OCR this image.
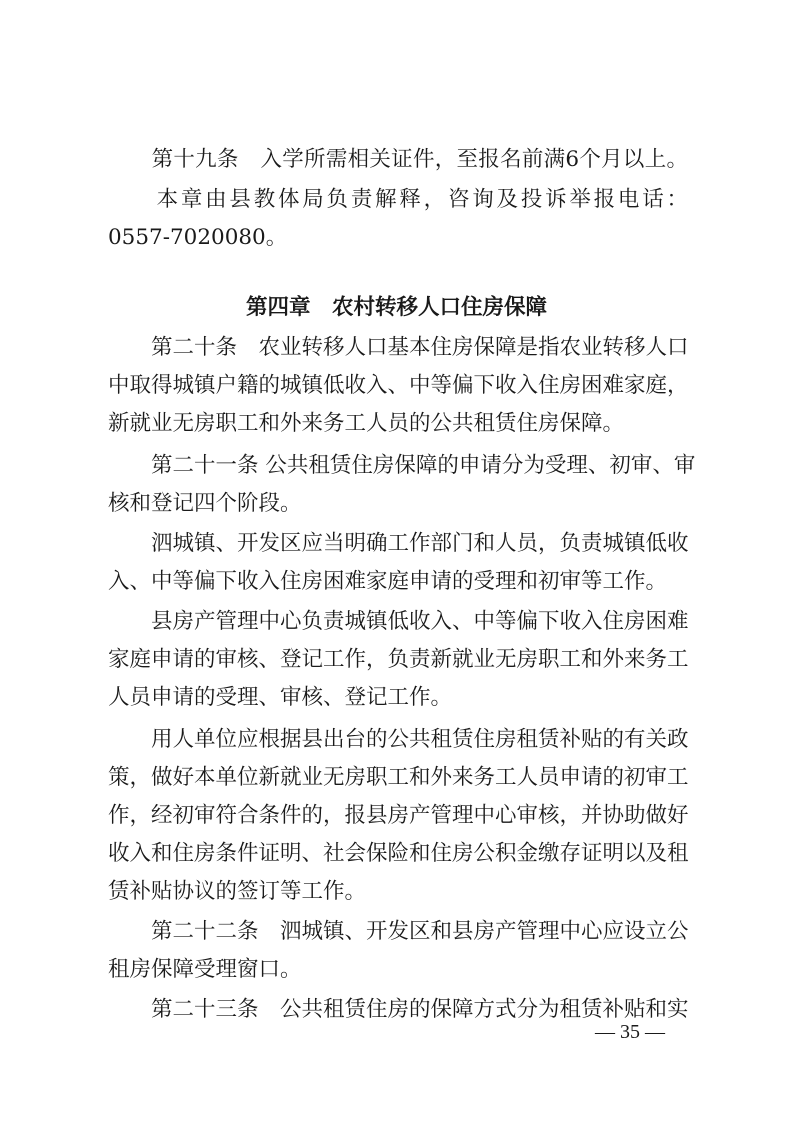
　　第十九条　入学所需相关证件，至报名前满6个月以上。
　　本章由县教体局负责解释，咨询及投诉举报电话：
0557-7020080。
第四章　农村转移人口住房保障
　　第二十条　农业转移人口基本住房保障是指农业转移人口
中取得城镇户籍的城镇低收入、中等偏下收入住房困难家庭，
新就业无房职工和外来务工人员的公共租赁住房保障。
　　第二十一条 公共租赁住房保障的申请分为受理、初审、审
核和登记四个阶段。
　　泗城镇、开发区应当明确工作部门和人员，负责城镇低收
入、中等偏下收入住房困难家庭申请的受理和初审等工作。
　　县房产管理中心负责城镇低收入、中等偏下收入住房困难
家庭申请的审核、登记工作，负责新就业无房职工和外来务工
人员申请的受理、审核、登记工作。
　　用人单位应根据县出台的公共租赁住房租赁补贴的有关政
策，做好本单位新就业无房职工和外来务工人员申请的初审工
作，经初审符合条件的，报县房产管理中心审核，并协助做好
收入和住房条件证明、社会保险和住房公积金缴存证明以及租
赁补贴协议的签订等工作。
　　第二十二条　泗城镇、开发区和县房产管理中心应设立公
租房保障受理窗口。
　　第二十三条　公共租赁住房的保障方式分为租赁补贴和实
— 35 —
